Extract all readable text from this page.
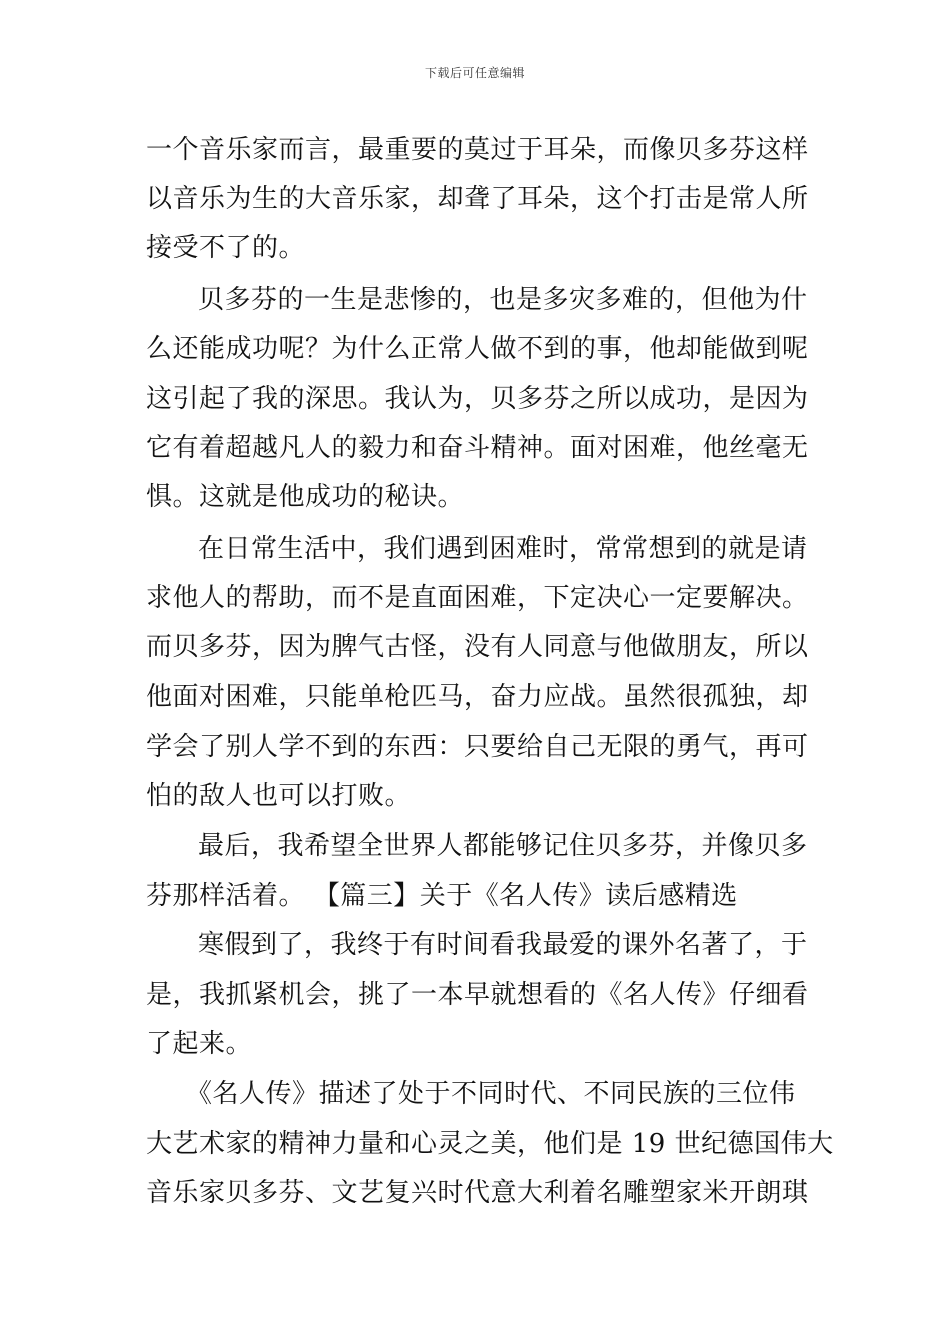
下载后可任意编辑
一个音乐家而言，最重要的莫过于耳朵，而像贝多芬这样
以音乐为生的大音乐家，却聋了耳朵，这个打击是常人所
接受不了的。
贝多芬的一生是悲惨的，也是多灾多难的，但他为什
么还能成功呢？为什么正常人做不到的事，他却能做到呢
这引起了我的深思。我认为，贝多芬之所以成功，是因为
它有着超越凡人的毅力和奋斗精神。面对困难，他丝毫无
惧。这就是他成功的秘诀。
在日常生活中，我们遇到困难时，常常想到的就是请
求他人的帮助，而不是直面困难，下定决心一定要解决。
而贝多芬，因为脾气古怪，没有人同意与他做朋友，所以
他面对困难，只能单枪匹马，奋力应战。虽然很孤独，却
学会了别人学不到的东西：只要给自己无限的勇气，再可
怕的敌人也可以打败。
最后，我希望全世界人都能够记住贝多芬，并像贝多
芬那样活着。 【篇三】关于《名人传》读后感精选
寒假到了，我终于有时间看我最爱的课外名著了，于
是，我抓紧机会，挑了一本早就想看的《名人传》仔细看
了起来。
《名人传》描述了处于不同时代、不同民族的三位伟
大艺术家的精神力量和心灵之美，他们是 19 世纪德国伟大
音乐家贝多芬、文艺复兴时代意大利着名雕塑家米开朗琪
